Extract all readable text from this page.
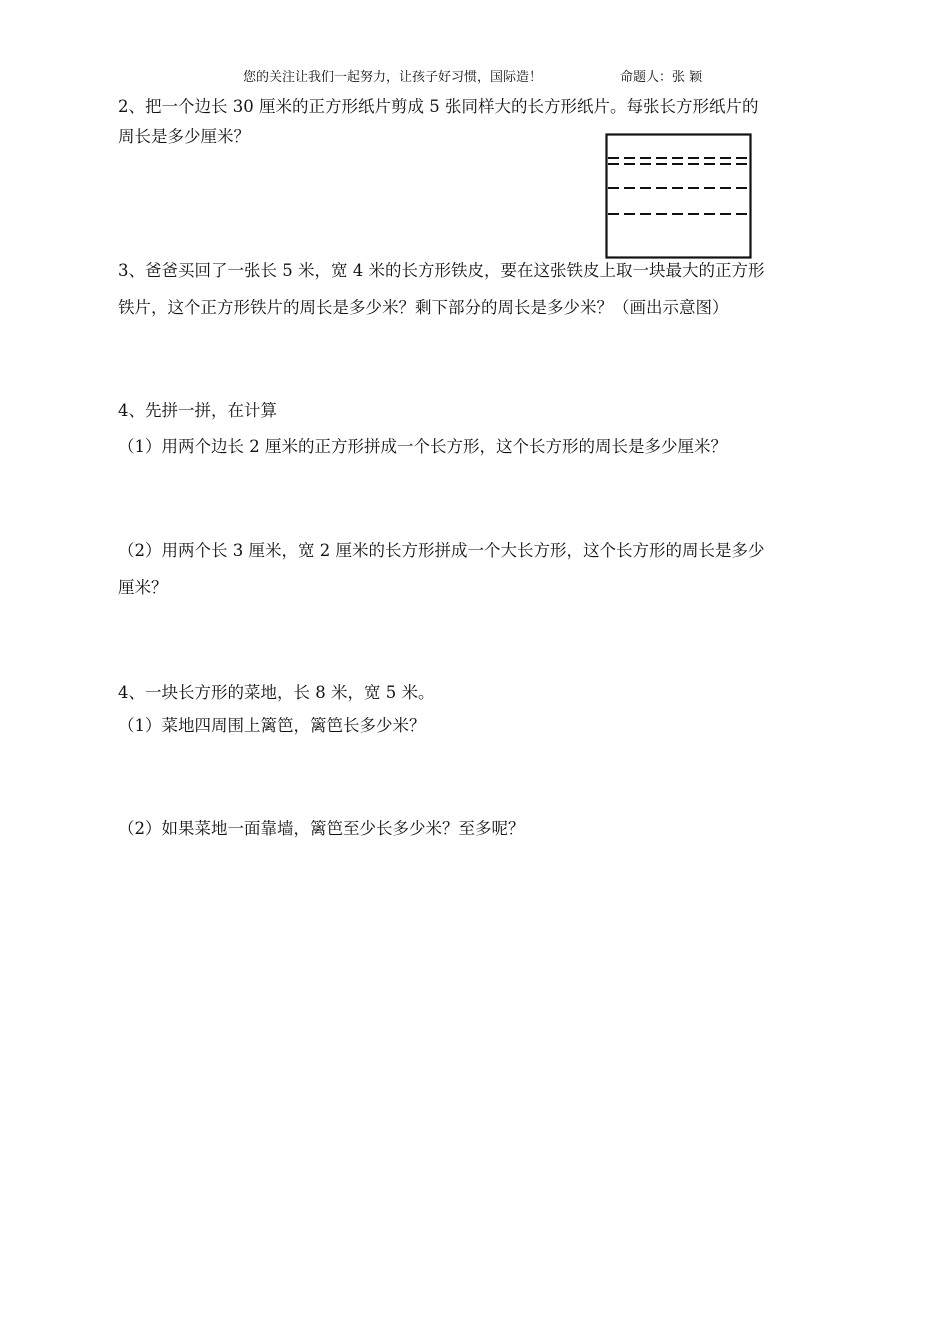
您的关注让我们一起努力，让孩子好习惯，国际造！	命题人：张 颖
2、把一个边长 30 厘米的正方形纸片剪成 5 张同样大的长方形纸片。每张长方形纸片的
周长是多少厘米？
3、爸爸买回了一张长 5 米，宽 4 米的长方形铁皮，要在这张铁皮上取一块最大的正方形
铁片，这个正方形铁片的周长是多少米？剩下部分的周长是多少米？（画出示意图）
4、先拼一拼，在计算
（1）用两个边长 2 厘米的正方形拼成一个长方形，这个长方形的周长是多少厘米？
（2）用两个长 3 厘米，宽 2 厘米的长方形拼成一个大长方形，这个长方形的周长是多少
厘米？
4、一块长方形的菜地，长 8 米，宽 5 米。
（1）菜地四周围上篱笆，篱笆长多少米？
（2）如果菜地一面靠墙，篱笆至少长多少米？至多呢？
